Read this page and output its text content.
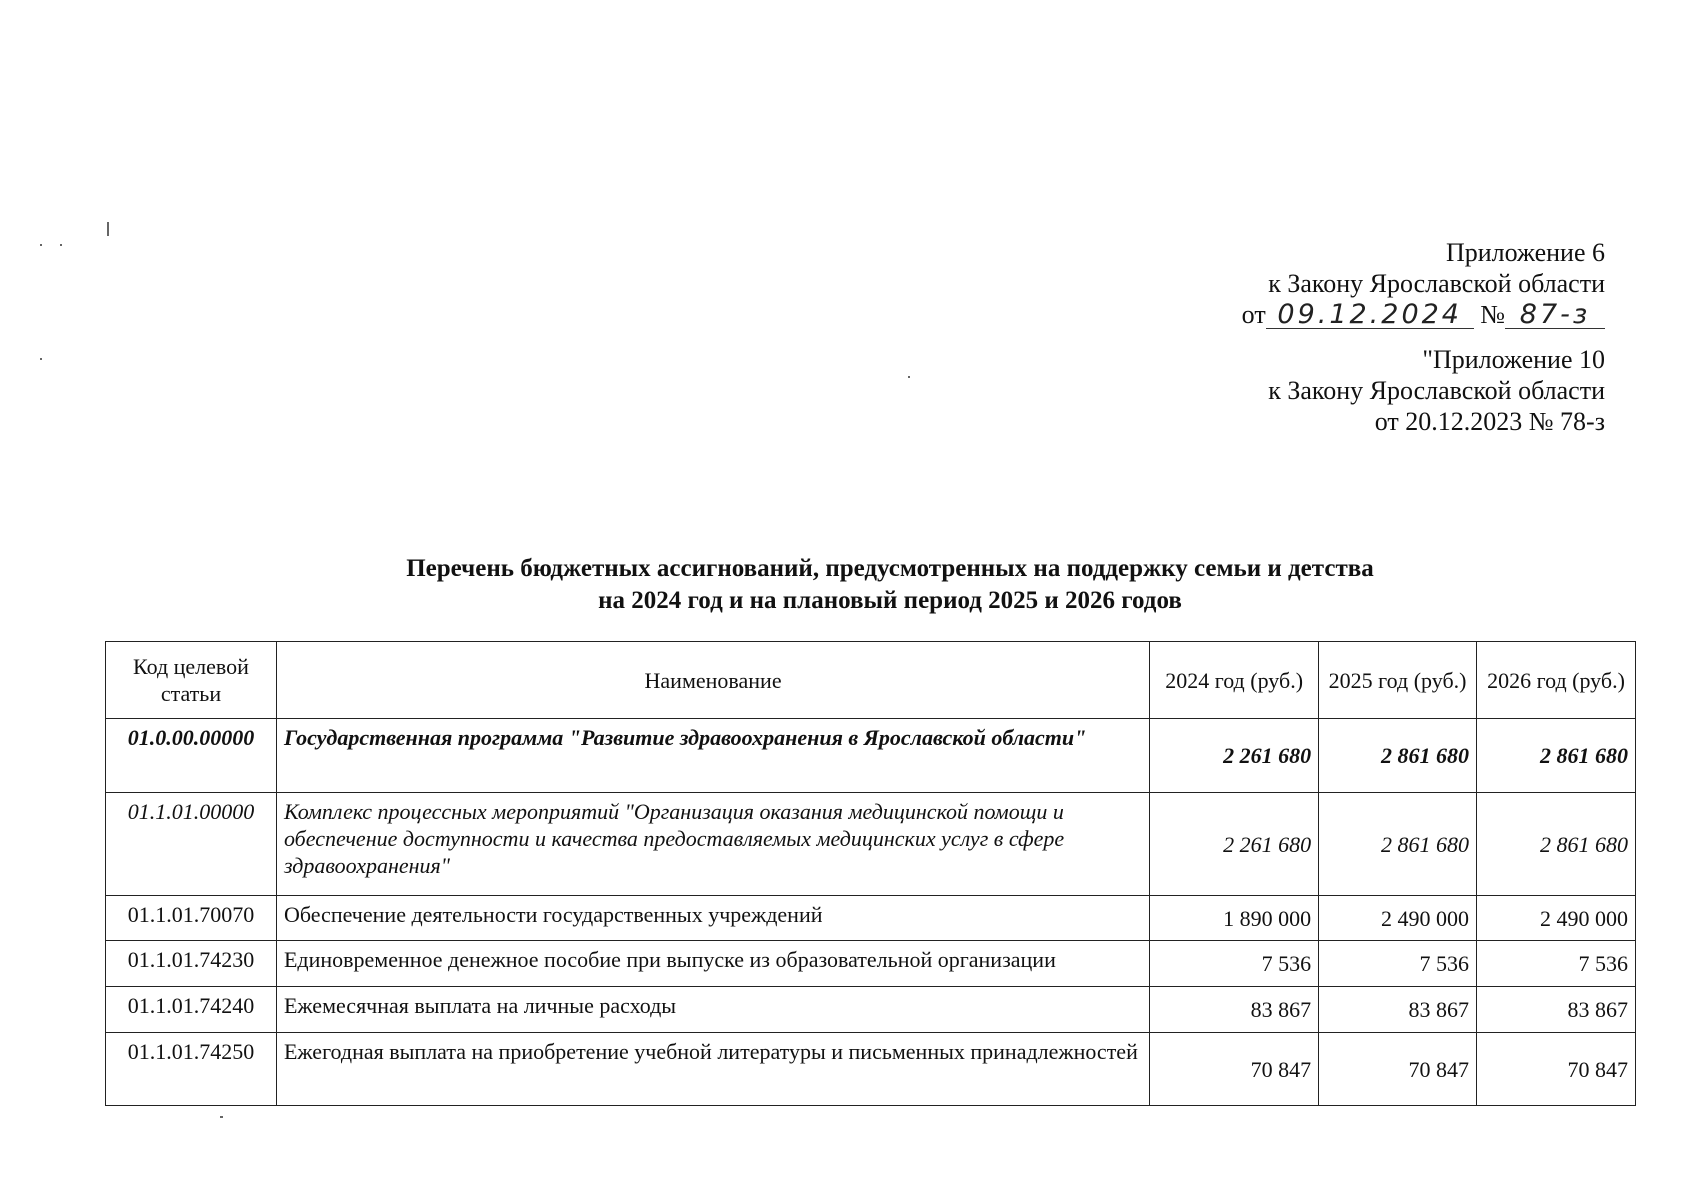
Приложение 6
к Закону Ярославской области
от 09.12.2024 № 87-з
"Приложение 10
к Закону Ярославской области
от 20.12.2023 № 78-з
Перечень бюджетных ассигнований, предусмотренных на поддержку семьи и детства
на 2024 год и на плановый период 2025 и 2026 годов
Код целевой статьи	Наименование	2024 год (руб.)	2025 год (руб.)	2026 год (руб.)
01.0.00.00000	Государственная программа "Развитие здравоохранения в Ярославской области"	2 261 680	2 861 680	2 861 680
01.1.01.00000	Комплекс процессных мероприятий "Организация оказания медицинской помощи и обеспечение доступности и качества предоставляемых медицинских услуг в сфере здравоохранения"	2 261 680	2 861 680	2 861 680
01.1.01.70070	Обеспечение деятельности государственных учреждений	1 890 000	2 490 000	2 490 000
01.1.01.74230	Единовременное денежное пособие при выпуске из образовательной организации	7 536	7 536	7 536
01.1.01.74240	Ежемесячная выплата на личные расходы	83 867	83 867	83 867
01.1.01.74250	Ежегодная выплата на приобретение учебной литературы и письменных принадлежностей	70 847	70 847	70 847
